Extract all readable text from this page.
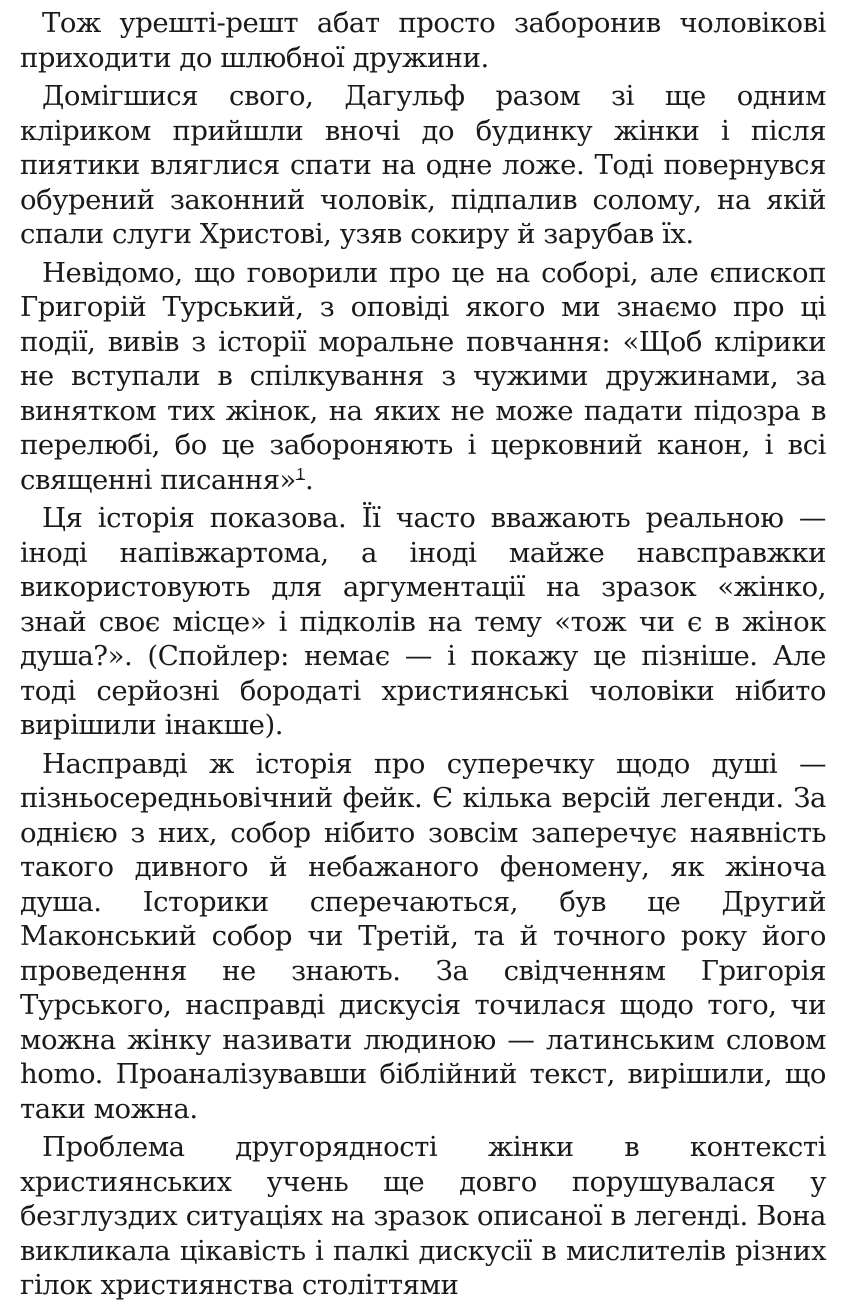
Тож урешті-решт абат просто заборонив чоловікові приходити до шлюбної дружини.

Домігшися свого, Дагульф разом зі ще одним кліриком прийшли вночі до будинку жінки і після пиятики вляглися спати на одне ложе. Тоді повернувся обурений законний чоловік, підпалив солому, на якій спали слуги Христові, узяв сокиру й зарубав їх.

Невідомо, що говорили про це на соборі, але єпископ Григорій Турський, з оповіді якого ми знаємо про ці події, вивів з історії моральне повчання: «Щоб клірики не вступали в спілкування з чужими дружинами, за винятком тих жінок, на яких не може падати підозра в перелюбі, бо це забороняють і церковний канон, і всі священні писання»$^1$.

Ця історія показова. Її часто вважають реальною — іноді напівжартома, а іноді майже навсправжки використовують для аргументації на зразок «жінко, знай своє місце» і підколів на тему «тож чи є в жінок душа?». (Спойлер: немає — і покажу це пізніше. Але тоді серйозні бородаті християнські чоловіки нібито вирішили інакше).

Насправді ж історія про суперечку щодо душі — пізньосередньовічний фейк. Є кілька версій легенди. За однією з них, собор нібито зовсім заперечує наявність такого дивного й небажаного феномену, як жіноча душа. Історики сперечаються, був це Другий Маконський собор чи Третій, та й точного року його проведення не знають. За свідченням Григорія Турського, насправді дискусія точилася щодо того, чи можна жінку називати людиною — латинським словом homo. Проаналізувавши біблійний текст, вирішили, що таки можна.

Проблема другорядності жінки в контексті християнських учень ще довго порушувалася у безглуздих ситуаціях на зразок описаної в легенді. Вона викликала цікавість і палкі дискусії в мислителів різних гілок християнства століттями
